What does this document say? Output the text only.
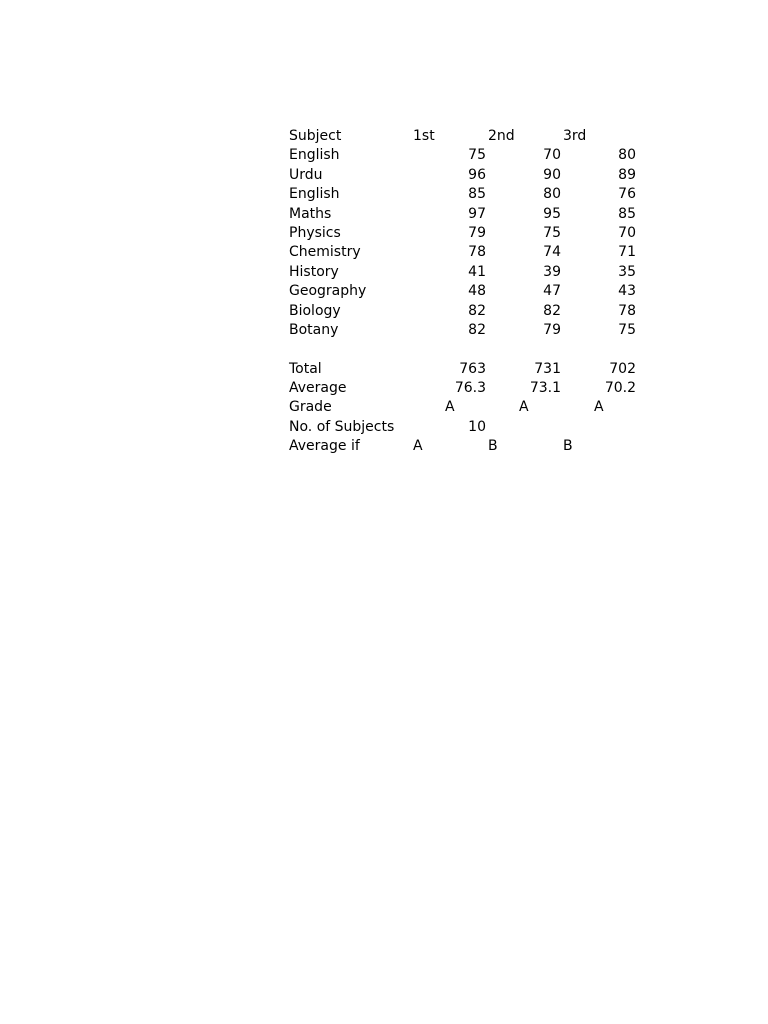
Subject	1st	2nd	3rd
English	75	70	80
Urdu	96	90	89
English	85	80	76
Maths	97	95	85
Physics	79	75	70
Chemistry	78	74	71
History	41	39	35
Geography	48	47	43
Biology	82	82	78
Botany	82	79	75
Total	763	731	702
Average	76.3	73.1	70.2
Grade	A	A	A
No. of Subjects	10
Average if	A	B	B
